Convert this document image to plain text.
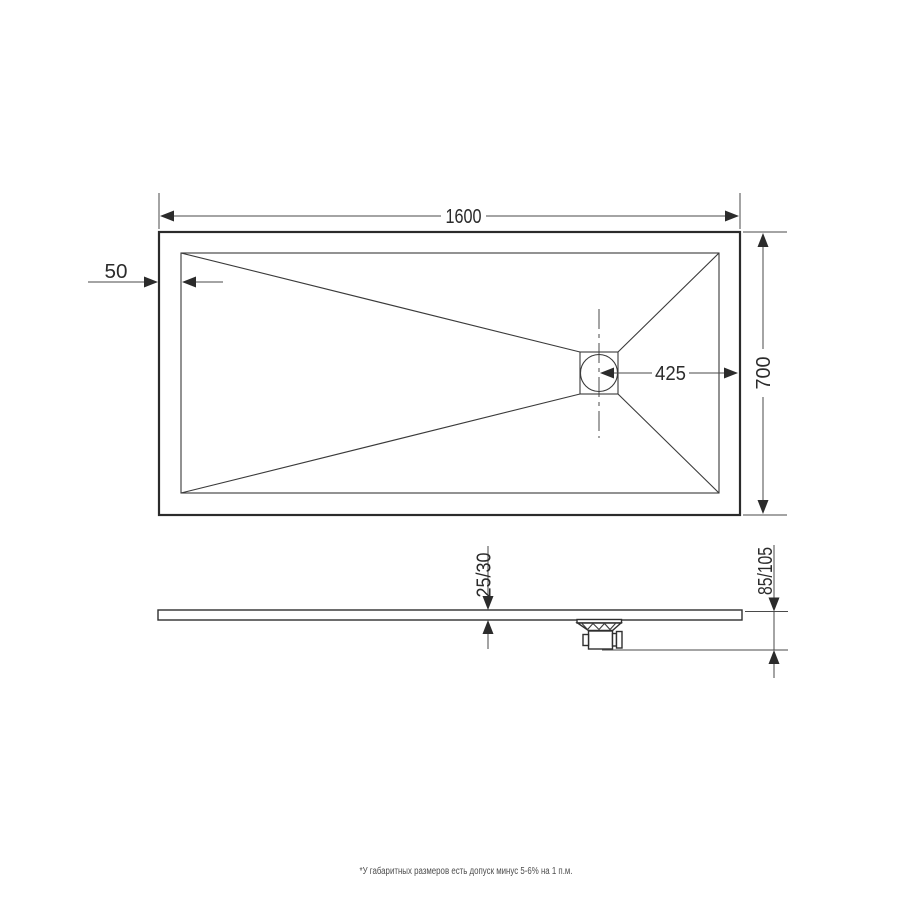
1600
700
50
425
25/30	85/105
*У габаритных размеров есть допуск минус 5-6% на 1 п.м.
